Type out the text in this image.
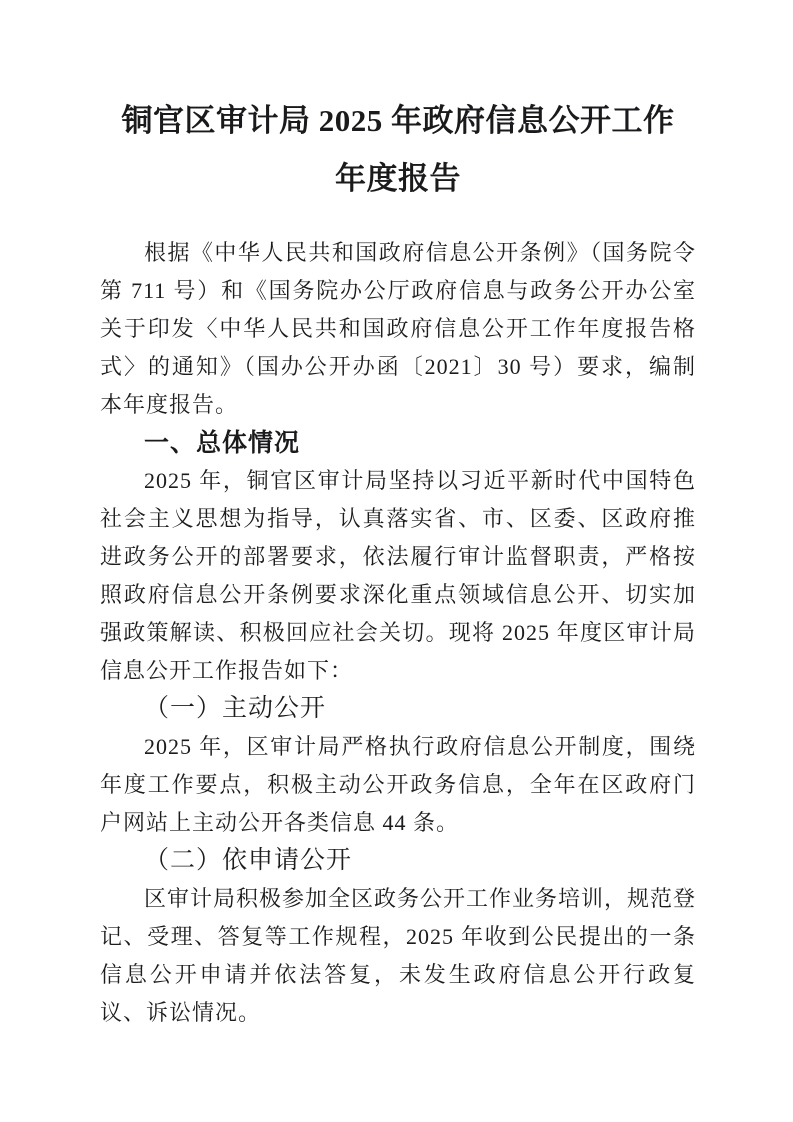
铜官区审计局 2025 年政府信息公开工作
年度报告

根据《中华人民共和国政府信息公开条例》（国务院令第 711 号）和《国务院办公厅政府信息与政务公开办公室关于印发〈中华人民共和国政府信息公开工作年度报告格式〉的通知》（国办公开办函〔2021〕30 号）要求，编制本年度报告。

一、总体情况

2025 年，铜官区审计局坚持以习近平新时代中国特色社会主义思想为指导，认真落实省、市、区委、区政府推进政务公开的部署要求，依法履行审计监督职责，严格按照政府信息公开条例要求深化重点领域信息公开、切实加强政策解读、积极回应社会关切。现将 2025 年度区审计局信息公开工作报告如下：

（一）主动公开

2025 年，区审计局严格执行政府信息公开制度，围绕年度工作要点，积极主动公开政务信息，全年在区政府门户网站上主动公开各类信息 44 条。

（二）依申请公开

区审计局积极参加全区政务公开工作业务培训，规范登记、受理、答复等工作规程，2025 年收到公民提出的一条信息公开申请并依法答复，未发生政府信息公开行政复议、诉讼情况。
